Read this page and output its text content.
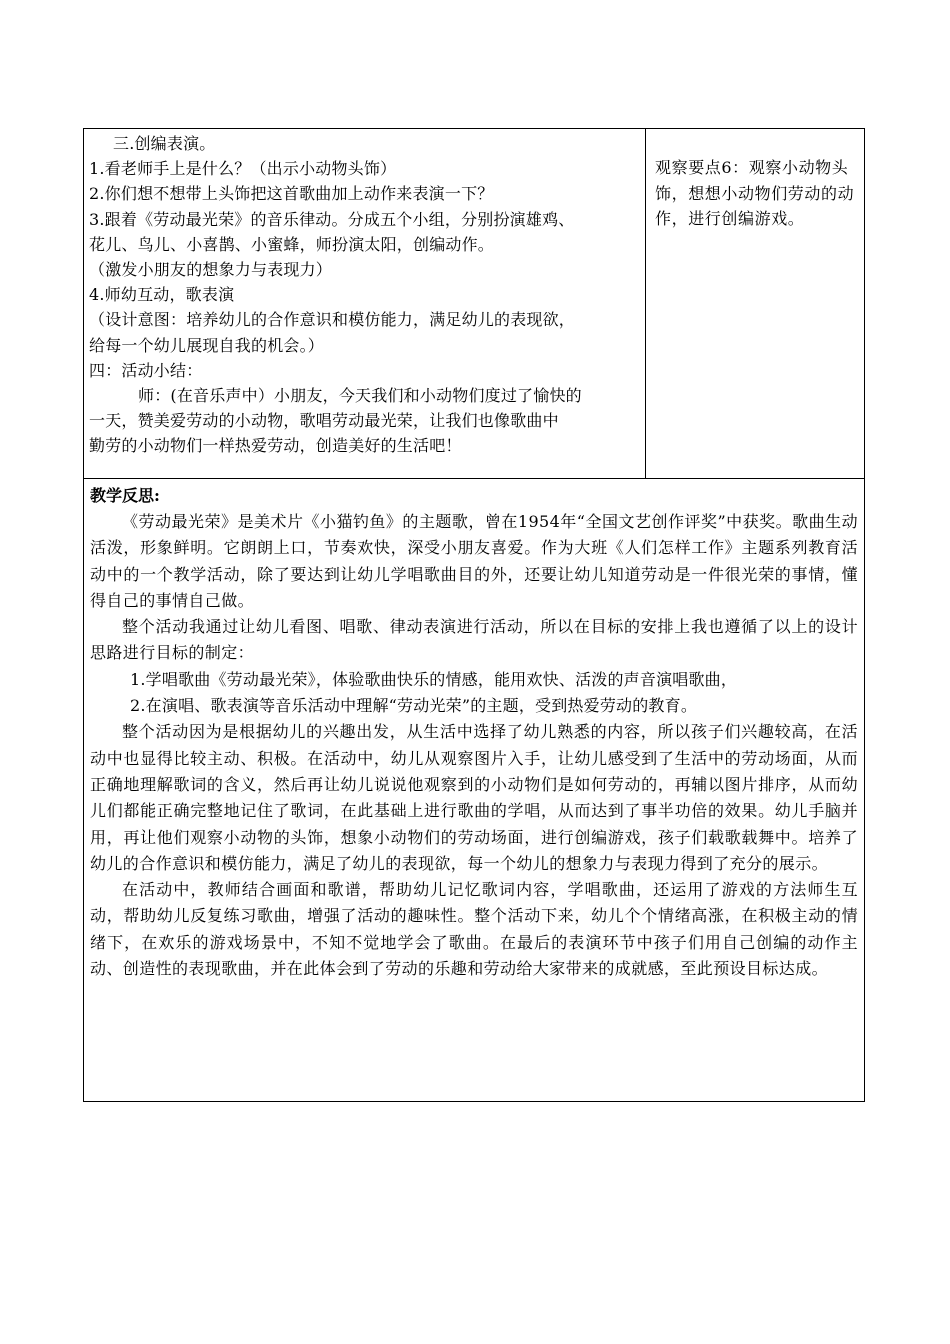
三.创编表演。
1.看老师手上是什么？（出示小动物头饰）
2.你们想不想带上头饰把这首歌曲加上动作来表演一下？
3.跟着《劳动最光荣》的音乐律动。分成五个小组，分别扮演雄鸡、
花儿、鸟儿、小喜鹊、小蜜蜂，师扮演太阳，创编动作。
（激发小朋友的想象力与表现力）
4.师幼互动，歌表演
（设计意图：培养幼儿的合作意识和模仿能力，满足幼儿的表现欲，
给每一个幼儿展现自我的机会。）
四：活动小结：
师：(在音乐声中）小朋友，今天我们和小动物们度过了愉快的
一天，赞美爱劳动的小动物，歌唱劳动最光荣，让我们也像歌曲中
勤劳的小动物们一样热爱劳动，创造美好的生活吧！
观察要点6：观察小动物头饰，想想小动物们劳动的动作，进行创编游戏。
教学反思:

《劳动最光荣》是美术片《小猫钓鱼》的主题歌，曾在1954年“全国文艺创作评奖”中获奖。歌曲生动活泼，形象鲜明。它朗朗上口，节奏欢快，深受小朋友喜爱。作为大班《人们怎样工作》主题系列教育活动中的一个教学活动，除了要达到让幼儿学唱歌曲目的外，还要让幼儿知道劳动是一件很光荣的事情，懂得自己的事情自己做。

整个活动我通过让幼儿看图、唱歌、律动表演进行活动，所以在目标的安排上我也遵循了以上的设计思路进行目标的制定：

1.学唱歌曲《劳动最光荣》，体验歌曲快乐的情感，能用欢快、活泼的声音演唱歌曲，

2.在演唱、歌表演等音乐活动中理解“劳动光荣”的主题，受到热爱劳动的教育。

整个活动因为是根据幼儿的兴趣出发，从生活中选择了幼儿熟悉的内容，所以孩子们兴趣较高，在活动中也显得比较主动、积极。在活动中，幼儿从观察图片入手，让幼儿感受到了生活中的劳动场面，从而正确地理解歌词的含义，然后再让幼儿说说他观察到的小动物们是如何劳动的，再辅以图片排序，从而幼儿们都能正确完整地记住了歌词，在此基础上进行歌曲的学唱，从而达到了事半功倍的效果。幼儿手脑并用，再让他们观察小动物的头饰，想象小动物们的劳动场面，进行创编游戏，孩子们载歌载舞中。培养了幼儿的合作意识和模仿能力，满足了幼儿的表现欲，每一个幼儿的想象力与表现力得到了充分的展示。

在活动中，教师结合画面和歌谱，帮助幼儿记忆歌词内容，学唱歌曲，还运用了游戏的方法师生互动，帮助幼儿反复练习歌曲，增强了活动的趣味性。整个活动下来，幼儿个个情绪高涨，在积极主动的情绪下，在欢乐的游戏场景中，不知不觉地学会了歌曲。在最后的表演环节中孩子们用自己创编的动作主动、创造性的表现歌曲，并在此体会到了劳动的乐趣和劳动给大家带来的成就感，至此预设目标达成。
